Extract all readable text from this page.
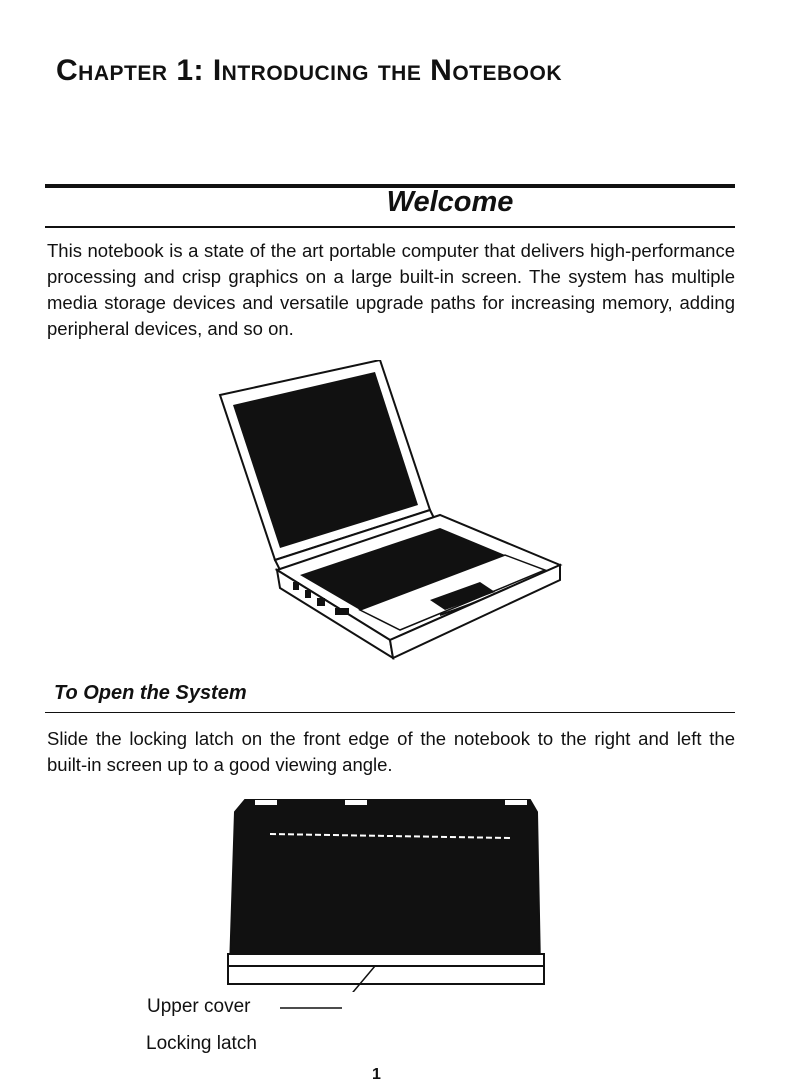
Chapter 1: Introducing the Notebook
Welcome

This notebook is a state of the art portable computer that delivers high-performance processing and crisp graphics on a large built-in screen. The system has multiple media storage devices and versatile upgrade paths for increasing memory, adding peripheral devices, and so on.

To Open the System

Slide the locking latch on the front edge of the notebook to the right and left the built-in screen up to a good viewing angle.

Upper cover
Locking latch
1
